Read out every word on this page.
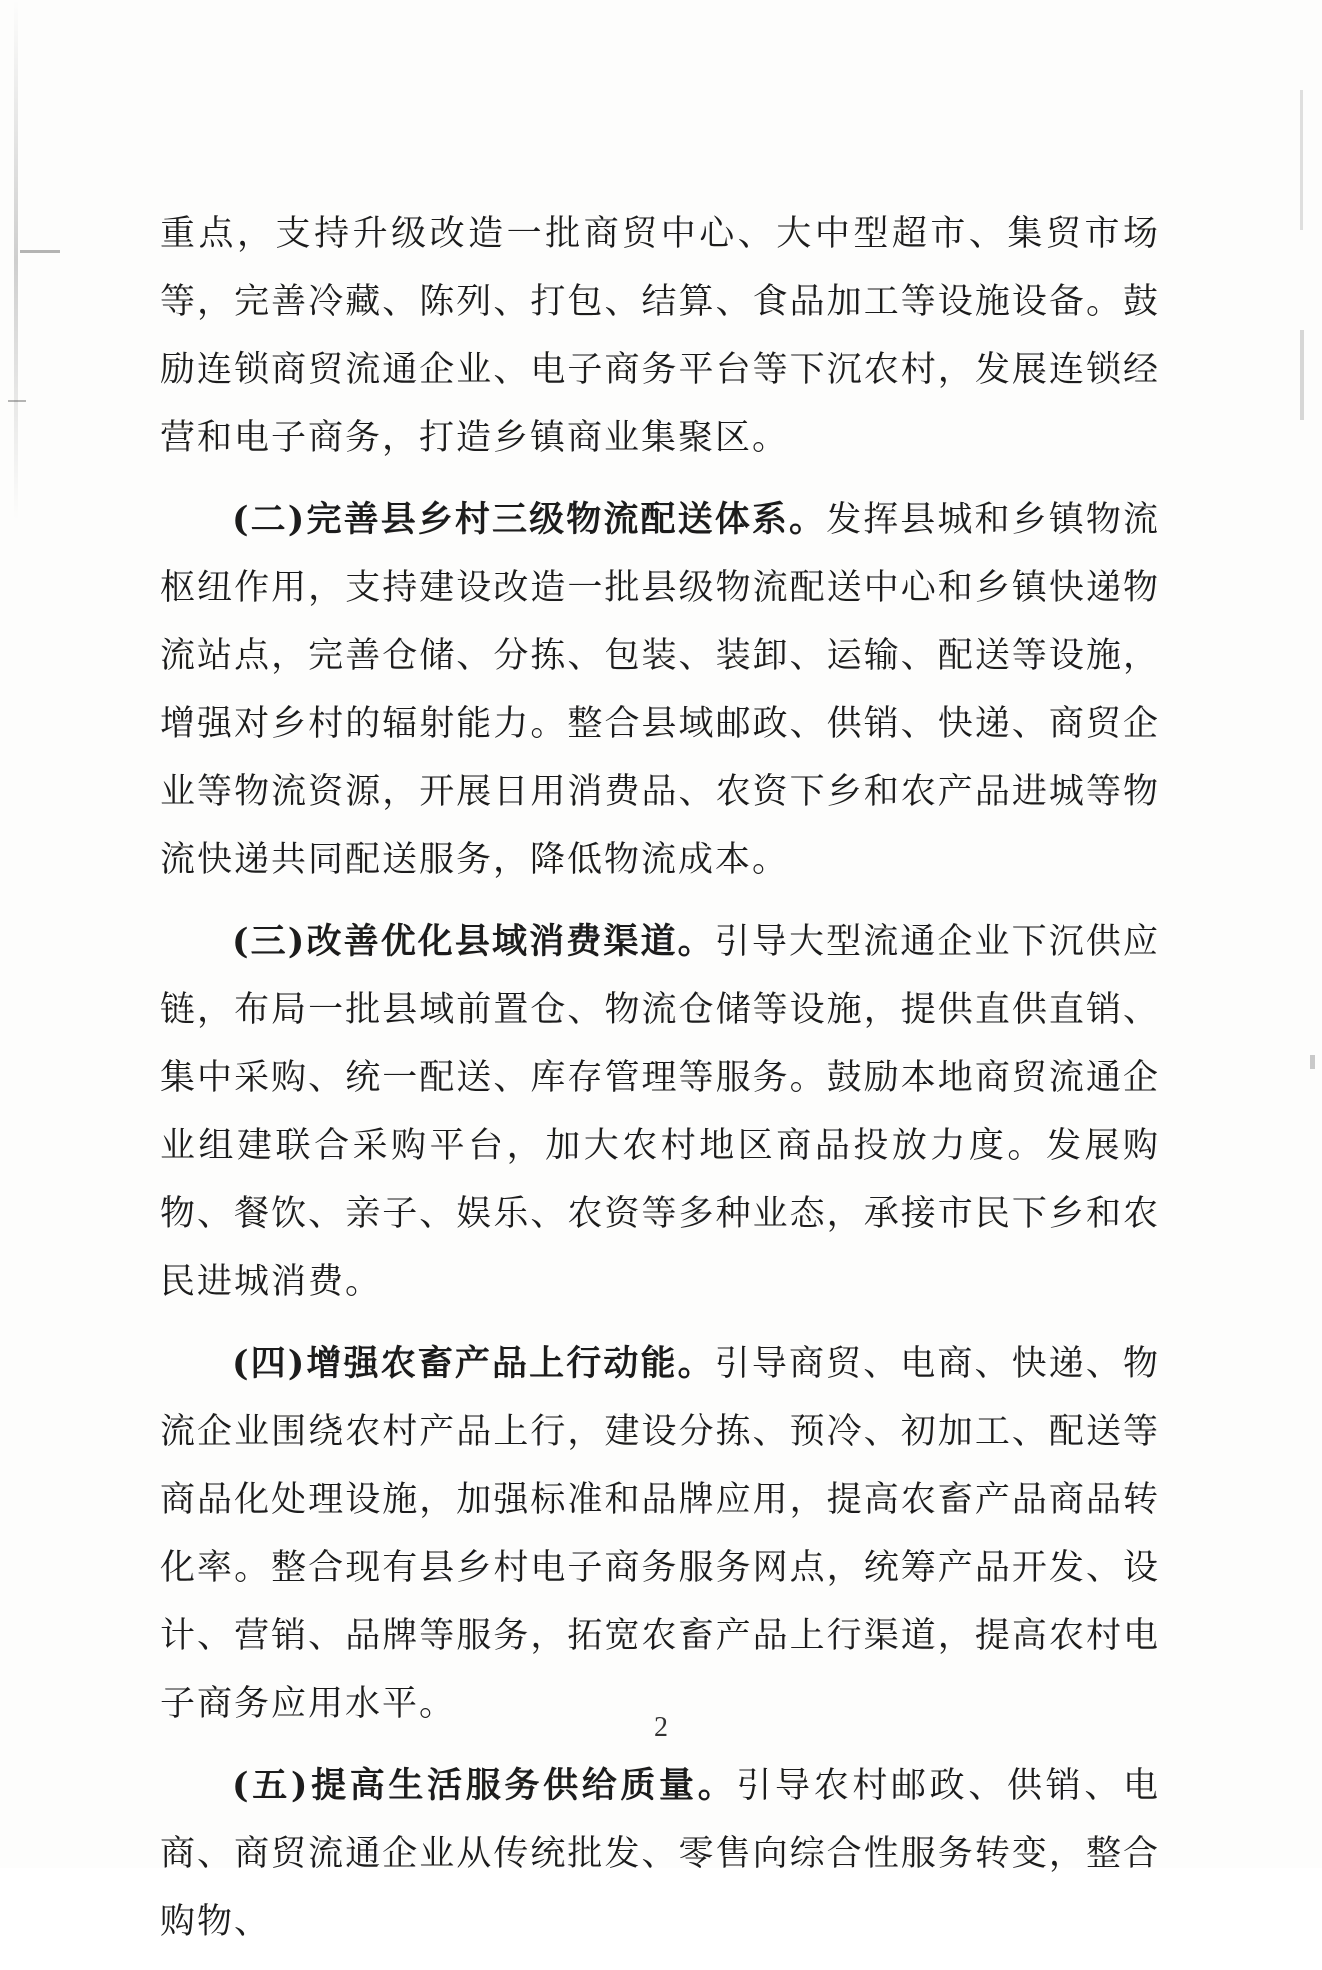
重点，支持升级改造一批商贸中心、大中型超市、集贸市场等，完善冷藏、陈列、打包、结算、食品加工等设施设备。鼓励连锁商贸流通企业、电子商务平台等下沉农村，发展连锁经营和电子商务，打造乡镇商业集聚区。

(二)完善县乡村三级物流配送体系。发挥县城和乡镇物流枢纽作用，支持建设改造一批县级物流配送中心和乡镇快递物流站点，完善仓储、分拣、包装、装卸、运输、配送等设施，增强对乡村的辐射能力。整合县域邮政、供销、快递、商贸企业等物流资源，开展日用消费品、农资下乡和农产品进城等物流快递共同配送服务，降低物流成本。

(三)改善优化县域消费渠道。引导大型流通企业下沉供应链，布局一批县域前置仓、物流仓储等设施，提供直供直销、集中采购、统一配送、库存管理等服务。鼓励本地商贸流通企业组建联合采购平台，加大农村地区商品投放力度。发展购物、餐饮、亲子、娱乐、农资等多种业态，承接市民下乡和农民进城消费。

(四)增强农畜产品上行动能。引导商贸、电商、快递、物流企业围绕农村产品上行，建设分拣、预冷、初加工、配送等商品化处理设施，加强标准和品牌应用，提高农畜产品商品转化率。整合现有县乡村电子商务服务网点，统筹产品开发、设计、营销、品牌等服务，拓宽农畜产品上行渠道，提高农村电子商务应用水平。

(五)提高生活服务供给质量。引导农村邮政、供销、电商、商贸流通企业从传统批发、零售向综合性服务转变，整合购物、

2
